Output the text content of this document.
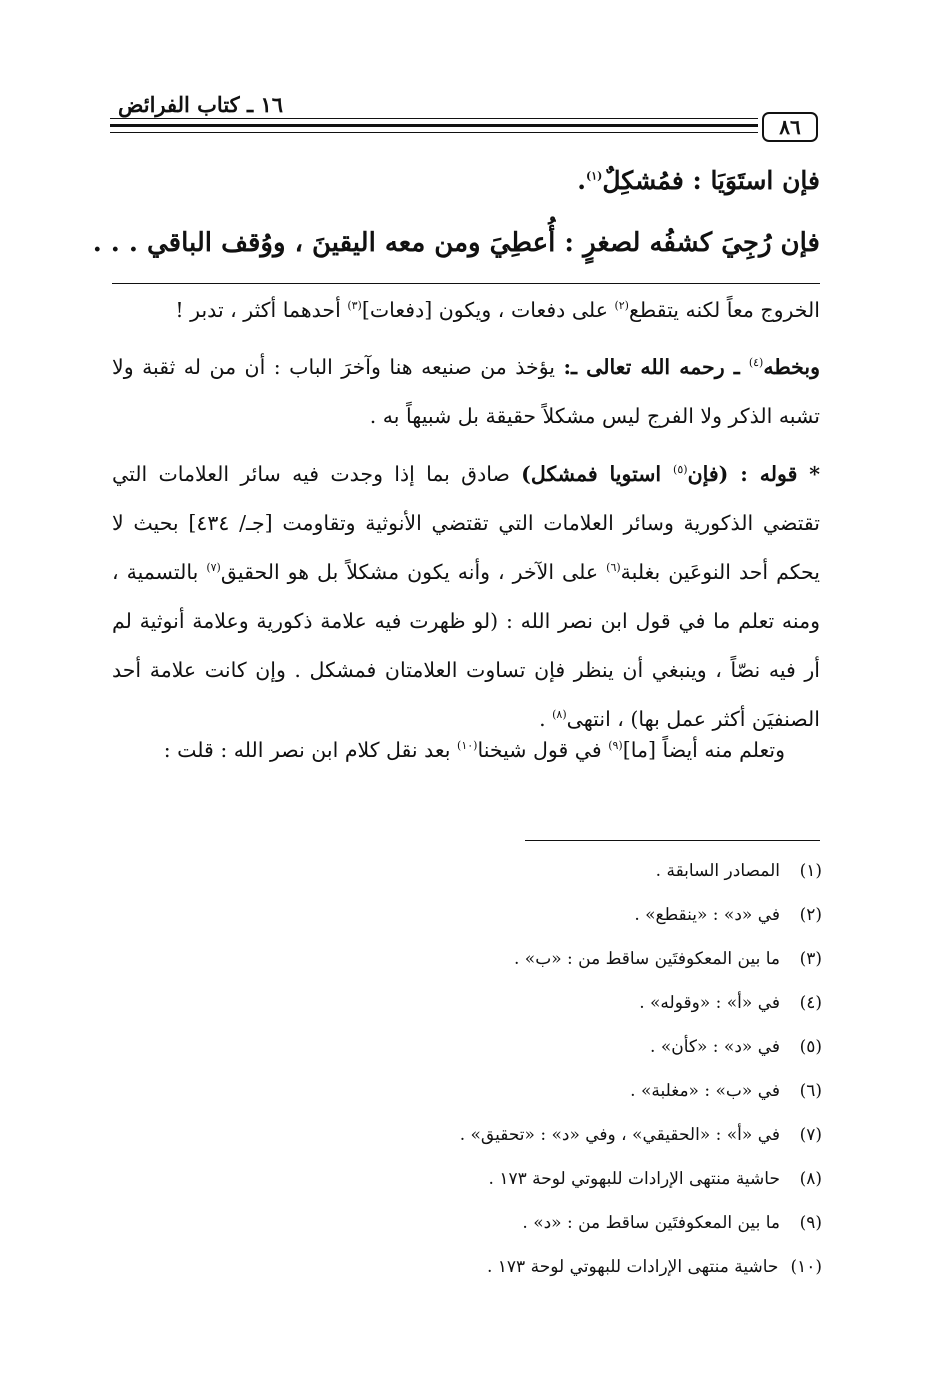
١٦ ـ كتاب الفرائض
٨٦
فإن استَوَيَا : فمُشكِلٌ$^{(١)}$.
فإن رُجِيَ كشفُه لصغرٍ : أُعطِيَ ومن معه اليقينَ ، ووُقف الباقي . . .
الخروج معاً لكنه يتقطع$^{(٢)}$ على دفعات ، ويكون [دفعات]$^{(٣)}$ أحدهما أكثر ، تدبر !
وبخطه$^{(٤)}$ ـ رحمه الله تعالى ـ: يؤخذ من صنيعه هنا وآخرَ الباب : أن من له ثقبة ولا تشبه الذكر ولا الفرج ليس مشكلاً حقيقة بل شبيهاً به .
* قوله : (فإن$^{(٥)}$ استويا فمشكل) صادق بما إذا وجدت فيه سائر العلامات التي تقتضي الذكورية وسائر العلامات التي تقتضي الأنوثية وتقاومت [جـ/ ٤٣٤] بحيث لا يحكم أحد النوعَين بغلبة$^{(٦)}$ على الآخر ، وأنه يكون مشكلاً بل هو الحقيق$^{(٧)}$ بالتسمية ، ومنه تعلم ما في قول ابن نصر الله : (لو ظهرت فيه علامة ذكورية وعلامة أنوثية لم أر فيه نصّاً ، وينبغي أن ينظر فإن تساوت العلامتان فمشكل . وإن كانت علامة أحد الصنفيَن أكثر عمل بها) ، انتهى$^{(٨)}$ .
وتعلم منه أيضاً [ما]$^{(٩)}$ في قول شيخنا$^{(١٠)}$ بعد نقل كلام ابن نصر الله : قلت :
(١)المصادر السابقة .
(٢)في «د» : «ينقطع» .
(٣)ما بين المعكوفتَين ساقط من : «ب» .
(٤)في «أ» : «وقوله» .
(٥)في «د» : «كأن» .
(٦)في «ب» : «مغلبة» .
(٧)في «أ» : «الحقيقي» ، وفي «د» : «تحقيق» .
(٨)حاشية منتهى الإرادات للبهوتي لوحة ١٧٣ .
(٩)ما بين المعكوفتَين ساقط من : «د» .
(١٠)حاشية منتهى الإرادات للبهوتي لوحة ١٧٣ .
